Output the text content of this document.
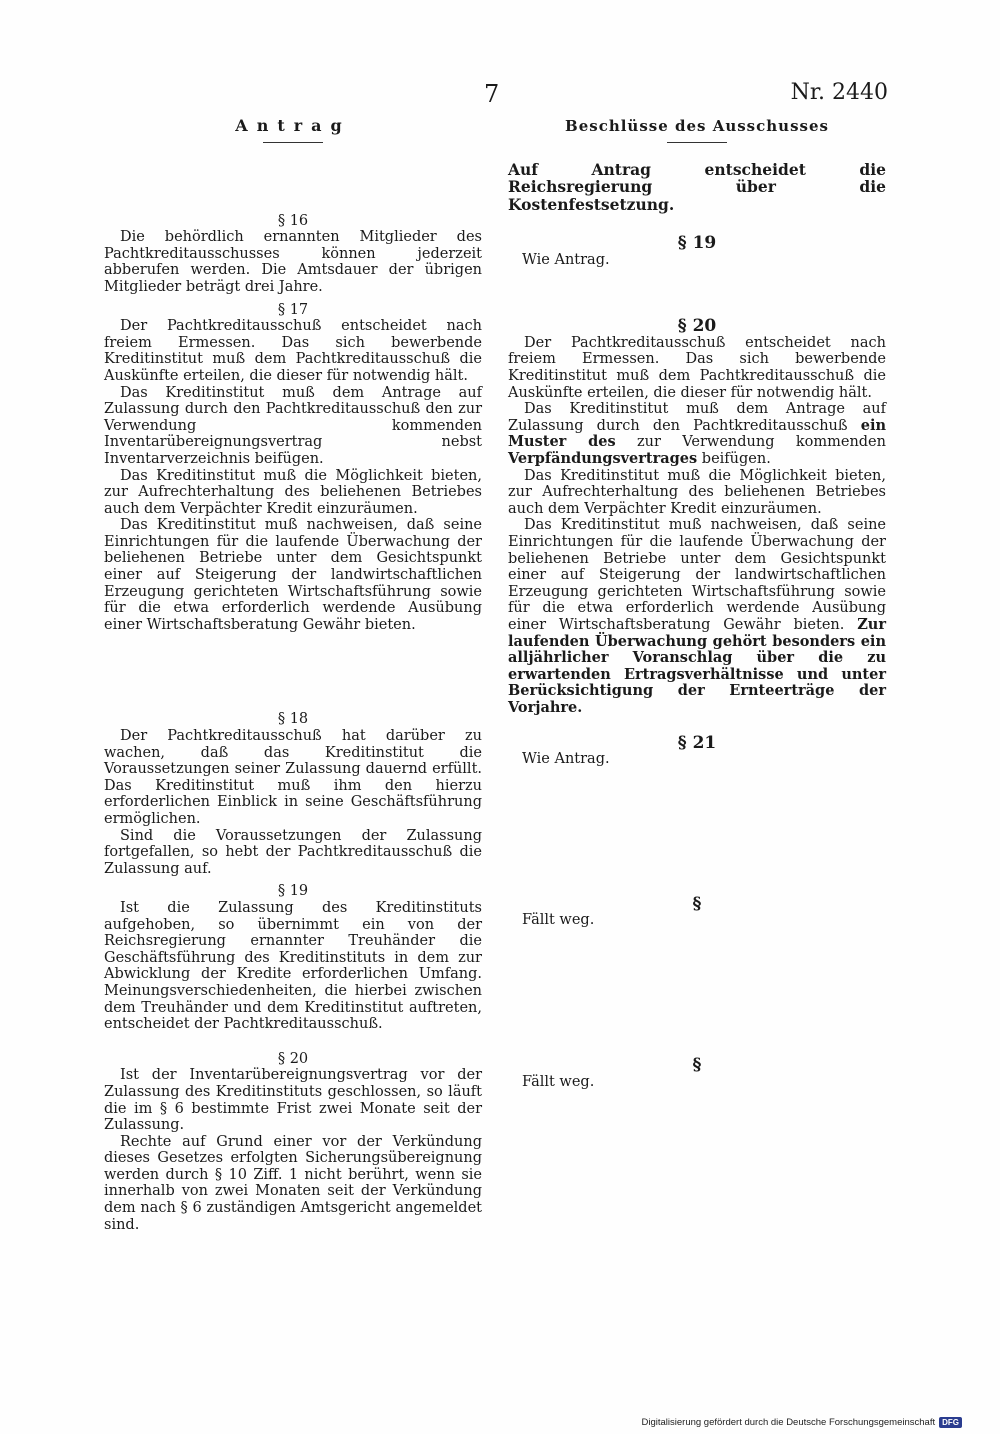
7	Nr. 2440
Antrag

§ 16

Die behördlich ernannten Mitglieder des Pachtkreditausschusses können jederzeit abberufen werden. Die Amtsdauer der übrigen Mitglieder beträgt drei Jahre.

§ 17

Der Pachtkreditausschuß entscheidet nach freiem Ermessen. Das sich bewerbende Kreditinstitut muß dem Pachtkreditausschuß die Auskünfte erteilen, die dieser für notwendig hält.

Das Kreditinstitut muß dem Antrage auf Zulassung durch den Pachtkreditausschuß den zur Verwendung kommenden Inventarübereignungsvertrag nebst Inventarverzeichnis beifügen.

Das Kreditinstitut muß die Möglichkeit bieten, zur Aufrechterhaltung des beliehenen Betriebes auch dem Verpächter Kredit einzuräumen.

Das Kreditinstitut muß nachweisen, daß seine Einrichtungen für die laufende Überwachung der beliehenen Betriebe unter dem Gesichtspunkt einer auf Steigerung der landwirtschaftlichen Erzeugung gerichteten Wirtschaftsführung sowie für die etwa erforderlich werdende Ausübung einer Wirtschaftsberatung Gewähr bieten.

§ 18

Der Pachtkreditausschuß hat darüber zu wachen, daß das Kreditinstitut die Voraussetzungen seiner Zulassung dauernd erfüllt. Das Kreditinstitut muß ihm den hierzu erforderlichen Einblick in seine Geschäftsführung ermöglichen.

Sind die Voraussetzungen der Zulassung fortgefallen, so hebt der Pachtkreditausschuß die Zulassung auf.

§ 19

Ist die Zulassung des Kreditinstituts aufgehoben, so übernimmt ein von der Reichsregierung ernannter Treuhänder die Geschäftsführung des Kreditinstituts in dem zur Abwicklung der Kredite erforderlichen Umfang. Meinungsverschiedenheiten, die hierbei zwischen dem Treuhänder und dem Kreditinstitut auftreten, entscheidet der Pachtkreditausschuß.

§ 20

Ist der Inventarübereignungsvertrag vor der Zulassung des Kreditinstituts geschlossen, so läuft die im § 6 bestimmte Frist zwei Monate seit der Zulassung.

Rechte auf Grund einer vor der Verkündung dieses Gesetzes erfolgten Sicherungsübereignung werden durch § 10 Ziff. 1 nicht berührt, wenn sie innerhalb von zwei Monaten seit der Verkündung dem nach § 6 zuständigen Amtsgericht angemeldet sind.

Beschlüsse des Ausschusses

Auf Antrag entscheidet die Reichsregierung über die Kostenfestsetzung.

§ 19

Wie Antrag.

§ 20

Der Pachtkreditausschuß entscheidet nach freiem Ermessen. Das sich bewerbende Kreditinstitut muß dem Pachtkreditausschuß die Auskünfte erteilen, die dieser für notwendig hält.

Das Kreditinstitut muß dem Antrage auf Zulassung durch den Pachtkreditausschuß ein Muster des zur Verwendung kommenden Verpfändungsvertrages beifügen.

Das Kreditinstitut muß die Möglichkeit bieten, zur Aufrechterhaltung des beliehenen Betriebes auch dem Verpächter Kredit einzuräumen.

Das Kreditinstitut muß nachweisen, daß seine Einrichtungen für die laufende Überwachung der beliehenen Betriebe unter dem Gesichtspunkt einer auf Steigerung der landwirtschaftlichen Erzeugung gerichteten Wirtschaftsführung sowie für die etwa erforderlich werdende Ausübung einer Wirtschaftsberatung Gewähr bieten. Zur laufenden Überwachung gehört besonders ein alljährlicher Voranschlag über die zu erwartenden Ertragsverhältnisse und unter Berücksichtigung der Ernteerträge der Vorjahre.

§ 21

Wie Antrag.

§

Fällt weg.

§

Fällt weg.

Digitalisierung gefördert durch die Deutsche Forschungsgemeinschaft DFG
